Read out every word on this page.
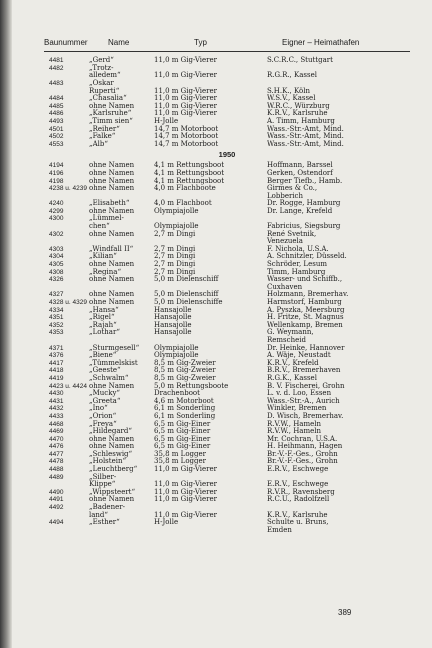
Baunummer	Name	Typ	Eigner – Heimathafen
4481	„Gerd“	11,0 m Gig-Vierer	S.C.R.C., Stuttgart
4482	„Trotz-
alledem“	11,0 m Gig-Vierer	R.G.R., Kassel
4483	„Oskar
Ruperti“	11,0 m Gig-Vierer	S.H.K., Köln
4484	„Chasalia“	11,0 m Gig-Vierer	W.S.V., Kassel
4485	ohne Namen	11,0 m Gig-Vierer	W.R.C., Würzburg
4486	„Karlsruhe“	11,0 m Gig-Vierer	K.R.V., Karlsruhe
4493	„Timm sien“	H-Jolle	A. Timm, Hamburg
4501	„Reiher“	14,7 m Motorboot	Wass.-Str.-Amt, Mind.
4502	„Falke“	14,7 m Motorboot	Wass.-Str.-Amt, Mind.
4553	„Alb“	14,7 m Motorboot	Wass.-Str.-Amt, Mind.
1950
4194	ohne Namen	4,1 m Rettungsboot	Hoffmann, Barssel
4196	ohne Namen	4,1 m Rettungsboot	Gerken, Ostendorf
4198	ohne Namen	4,1 m Rettungsboot	Berger Tiefb., Hamb.
4238 u. 4239 ohne Namen	4,0 m Flachboote	Girmes & Co.,
Lobberich
4240	„Elisabeth“	4,0 m Flachboot	Dr. Rogge, Hamburg
4299	ohne Namen	Olympiajolle	Dr. Lange, Krefeld
4300	„Lümmel-
chen“	Olympiajolle	Fabricius, Siegsburg
4302	ohne Namen	2,7 m Dingi	René Svetnik,
Venezuela
4303	„Windfall II“	2,7 m Dingi	F. Nichola, U.S.A.
4304	„Kilian“	2,7 m Dingi	A. Schnitzler, Düsseld.
4305	ohne Namen	2,7 m Dingi	Schröder, Lesum
4308	„Regina“	2,7 m Dingi	Timm, Hamburg
4326	ohne Namen	5,0 m Dielenschiff	Wasser- und Schiffb.,
Cuxhaven
4327	ohne Namen	5,0 m Dielenschiff	Holzmann, Bremerhav.
4328 u. 4329 ohne Namen	5,0 m Dielenschiffe	Harmstorf, Hamburg
4334	„Hansa“	Hansajolle	A. Pyszka, Meersburg
4351	„Rigel“	Hansajolle	H. Fritze, St. Magnus
4352	„Rajah“	Hansajolle	Wellenkamp, Bremen
4353	„Lothar“	Hansajolle	G. Weymann,
Remscheid
4371	„Sturmgesell“ Olympiajolle	Dr. Heinke, Hannover
4376	„Biene“	Olympiajolle	A. Wäje, Neustadt
4417	„Tümmelskist 8,5 m Gig-Zweier	K.R.V., Krefeld
4418	„Geeste“	8,5 m Gig-Zweier	B.R.V., Bremerhaven
4419	„Schwalm“	8,5 m Gig-Zweier	R.G.K., Kassel
4423 u. 4424 ohne Namen	5,0 m Rettungsboote	B. V. Fischerei, Grohn
4430	„Mucky“	Drachenboot	L. v. d. Loo, Essen
4431	„Greeta“	4,6 m Motorboot	Wass.-Str.-A., Aurich
4432	„Ino“	6,1 m Sonderling	Winkler, Bremen
4433	„Orion“	6,1 m Sonderling	D. Wisch, Bremerhav.
4468	„Freya“	6,5 m Gig-Einer	R.V.W., Hameln
4469	„Hildegard“	6,5 m Gig-Einer	R.V.W., Hameln
4470	ohne Namen	6,5 m Gig-Einer	Mr. Cochran, U.S.A.
4476	ohne Namen	6,5 m Gig-Einer	H. Heihmann, Hagen
4477	„Schleswig“	35,8 m Logger	Br.-V.-F.-Ges., Grohn
4478	„Holstein“	35,8 m Logger	Br.-V.-F.-Ges., Grohn
4488	„Leuchtberg“ 11,0 m Gig-Vierer	E.R.V., Eschwege
4489	„Silber-
Klippe“	11,0 m Gig-Vierer	E.R.V., Eschwege
4490	„Wippsteert“	11,0 m Gig-Vierer	R.V.R., Ravensberg
4491	ohne Namen	11,0 m Gig-Vierer	R.C.U., Radolfzell
4492	„Badener-
land“	11,0 m Gig-Vierer	K.R.V., Karlsruhe
4494	„Esther“	H-Jolle	Schulte u. Bruns,
Emden
389
